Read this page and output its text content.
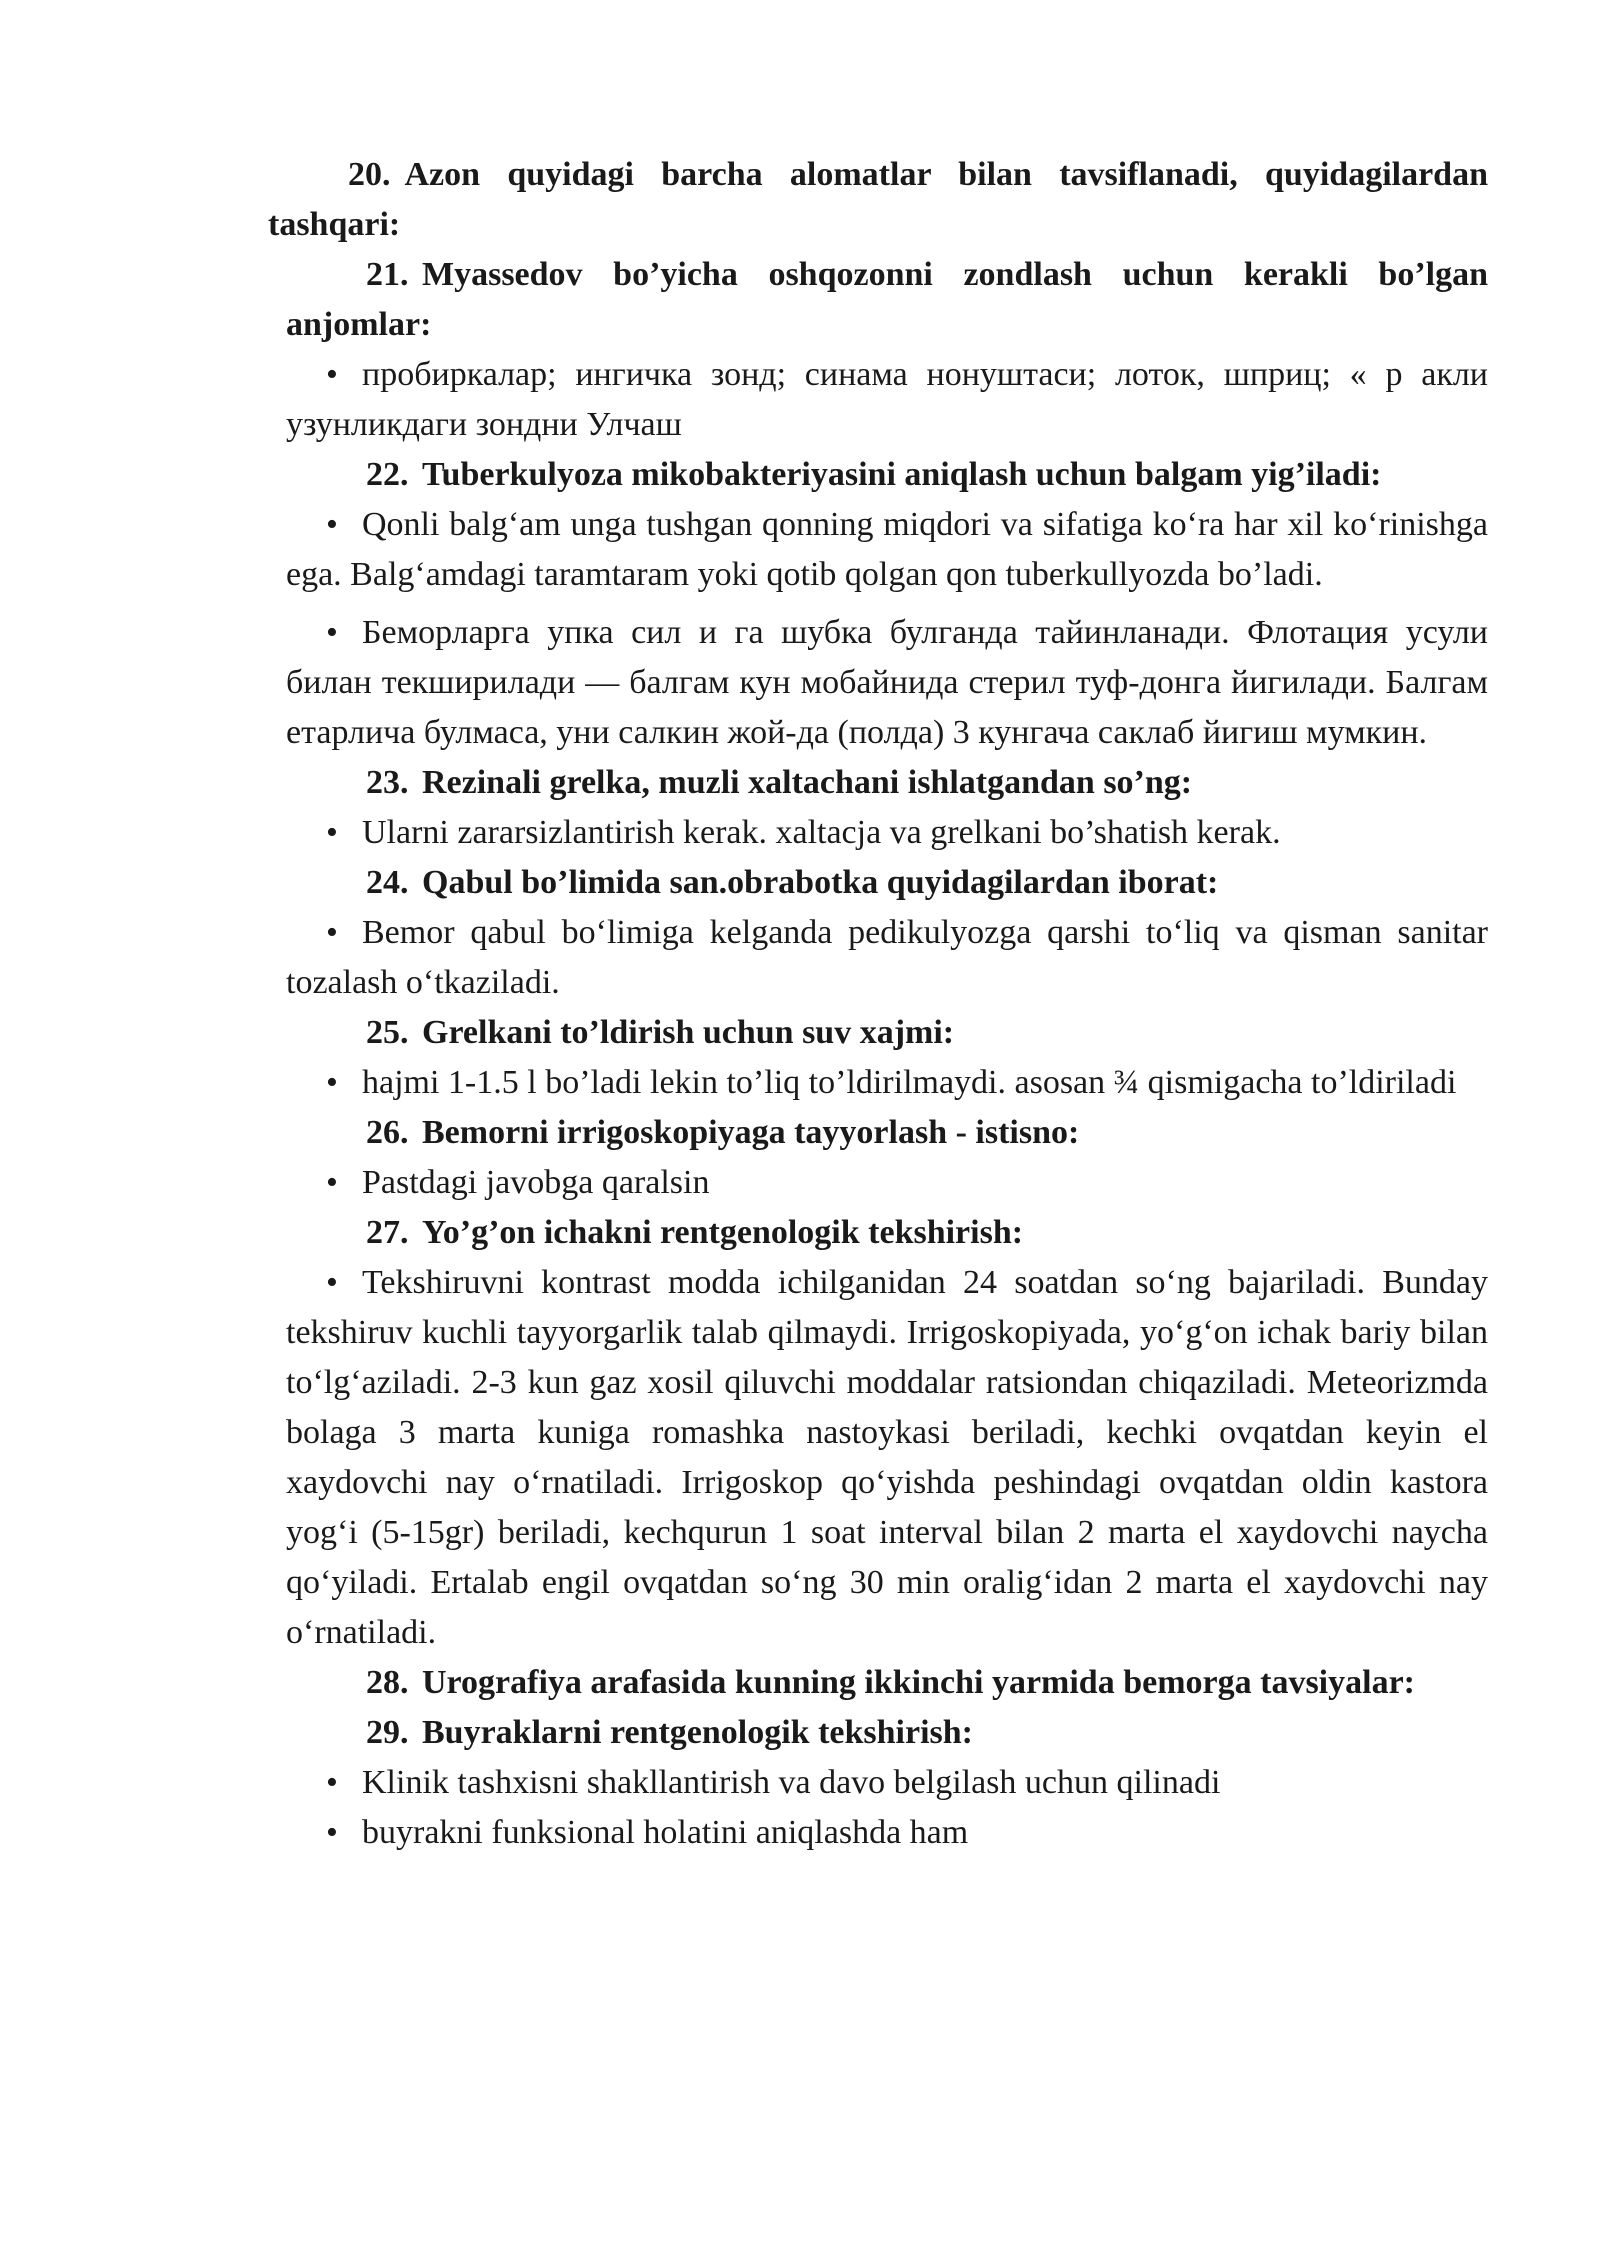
20. Azon quyidagi barcha alomatlar bilan tavsiflanadi, quyidagilardan tashqari:

21. Myassedov bo’yicha oshqozonni zondlash uchun kerakli bo’lgan anjomlar:

• пробиркалар; ингичка зонд; синама нонуштаси; лоток, шприц; « р акли узунликдаги зондни Улчаш

22. Tuberkulyoza mikobakteriyasini aniqlash uchun balgam yig’iladi:

• Qonli balg‘am unga tushgan qonning miqdori va sifatiga ko‘ra har xil ko‘rinishga ega. Balg‘amdagi taramtaram yoki qotib qolgan qon tuberkullyozda bo’ladi.

• Беморларга упка сил и га шубка булганда тайинланади. Флотация усули билан текширилади — балгам кун мобайнида стерил туф-донга йигилади. Балгам етарлича булмаса, уни салкин жой-да (полда) 3 кунгача саклаб йигиш мумкин.

23. Rezinali grelka, muzli xaltachani ishlatgandan so’ng:

• Ularni zararsizlantirish kerak. xaltacja va grelkani bo’shatish kerak.

24. Qabul bo’limida san.obrabotka quyidagilardan iborat:

• Bemor qabul bo‘limiga kelganda pedikulyozga qarshi to‘liq va qisman sanitar tozalash o‘tkaziladi.

25. Grelkani to’ldirish uchun suv xajmi:

• hajmi 1-1.5 l bo’ladi lekin to’liq to’ldirilmaydi. asosan ¾ qismigacha to’ldiriladi

26. Bemorni irrigoskopiyaga tayyorlash - istisno:

• Pastdagi javobga qaralsin

27. Yo’g’on ichakni rentgenologik tekshirish:

• Tekshiruvni kontrast modda ichilganidan 24 soatdan so‘ng bajariladi. Bunday tekshiruv kuchli tayyorgarlik talab qilmaydi. Irrigoskopiyada, yo‘g‘on ichak bariy bilan to‘lg‘aziladi. 2-3 kun gaz xosil qiluvchi moddalar ratsiondan chiqaziladi. Meteorizmda bolaga 3 marta kuniga romashka nastoykasi beriladi, kechki ovqatdan keyin el xaydovchi nay o‘rnatiladi. Irrigoskop qo‘yishda peshindagi ovqatdan oldin kastora yog‘i (5-15gr) beriladi, kechqurun 1 soat interval bilan 2 marta el xaydovchi naycha qo‘yiladi. Ertalab engil ovqatdan so‘ng 30 min oralig‘idan 2 marta el xaydovchi nay o‘rnatiladi.

28. Urografiya arafasida kunning ikkinchi yarmida bemorga tavsiyalar:

29. Buyraklarni rentgenologik tekshirish:

• Klinik tashxisni shakllantirish va davo belgilash uchun qilinadi

• buyrakni funksional holatini aniqlashda ham
